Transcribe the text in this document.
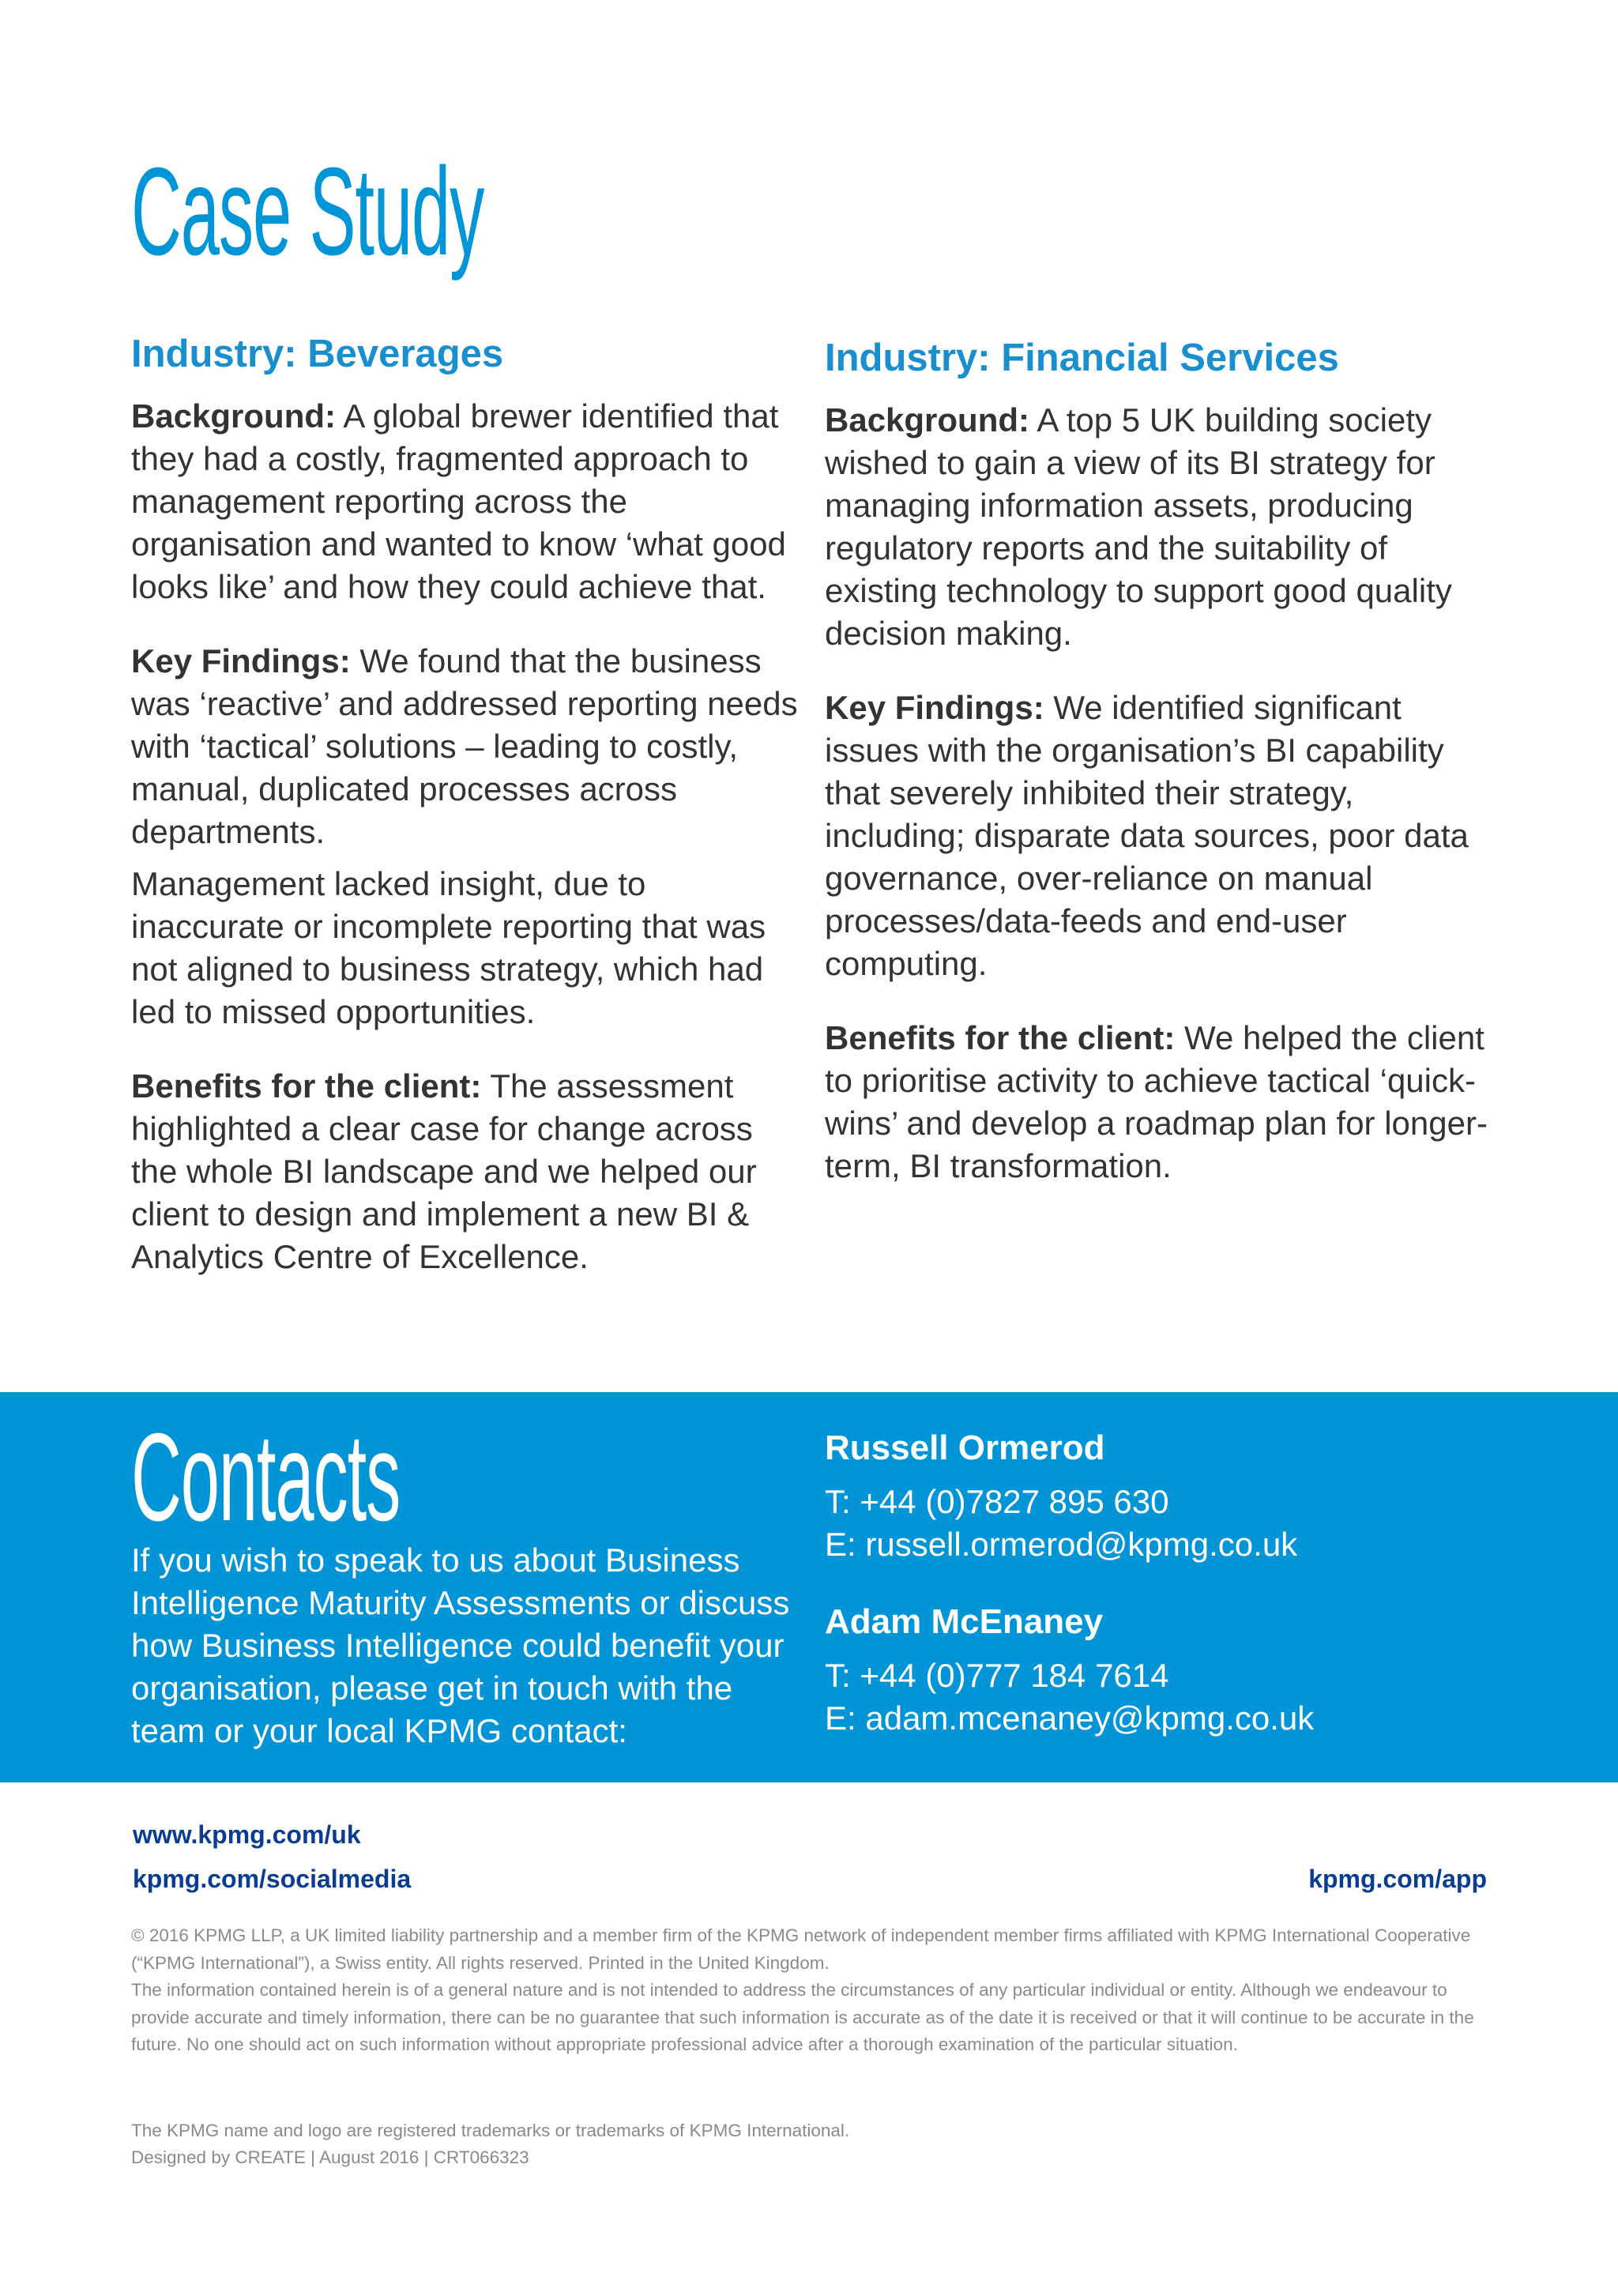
Case Study
Industry: Beverages

Background: A global brewer identified that they had a costly, fragmented approach to management reporting across the organisation and wanted to know ‘what good looks like’ and how they could achieve that.

Key Findings: We found that the business was ‘reactive’ and addressed reporting needs with ‘tactical’ solutions – leading to costly, manual, duplicated processes across departments.

Management lacked insight, due to inaccurate or incomplete reporting that was not aligned to business strategy, which had led to missed opportunities.

Benefits for the client: The assessment highlighted a clear case for change across the whole BI landscape and we helped our client to design and implement a new BI & Analytics Centre of Excellence.

Industry: Financial Services

Background: A top 5 UK building society wished to gain a view of its BI strategy for managing information assets, producing regulatory reports and the suitability of existing technology to support good quality decision making.

Key Findings: We identified significant issues with the organisation’s BI capability that severely inhibited their strategy, including; disparate data sources, poor data governance, over-reliance on manual processes/data-feeds and end-user computing.

Benefits for the client: We helped the client to prioritise activity to achieve tactical ‘quick-wins’ and develop a roadmap plan for longer-term, BI transformation.

Contacts

If you wish to speak to us about Business Intelligence Maturity Assessments or discuss how Business Intelligence could benefit your organisation, please get in touch with the team or your local KPMG contact:

Russell Ormerod

T: +44 (0)7827 895 630
E: russell.ormerod@kpmg.co.uk

Adam McEnaney

T: +44 (0)777 184 7614
E: adam.mcenaney@kpmg.co.uk
www.kpmg.com/uk
kpmg.com/socialmedia	kpmg.com/app

© 2016 KPMG LLP, a UK limited liability partnership and a member firm of the KPMG network of independent member firms affiliated with KPMG International Cooperative (“KPMG International”), a Swiss entity. All rights reserved. Printed in the United Kingdom.

The information contained herein is of a general nature and is not intended to address the circumstances of any particular individual or entity. Although we endeavour to provide accurate and timely information, there can be no guarantee that such information is accurate as of the date it is received or that it will continue to be accurate in the future. No one should act on such information without appropriate professional advice after a thorough examination of the particular situation.

The KPMG name and logo are registered trademarks or trademarks of KPMG International.

Designed by CREATE | August 2016 | CRT066323
